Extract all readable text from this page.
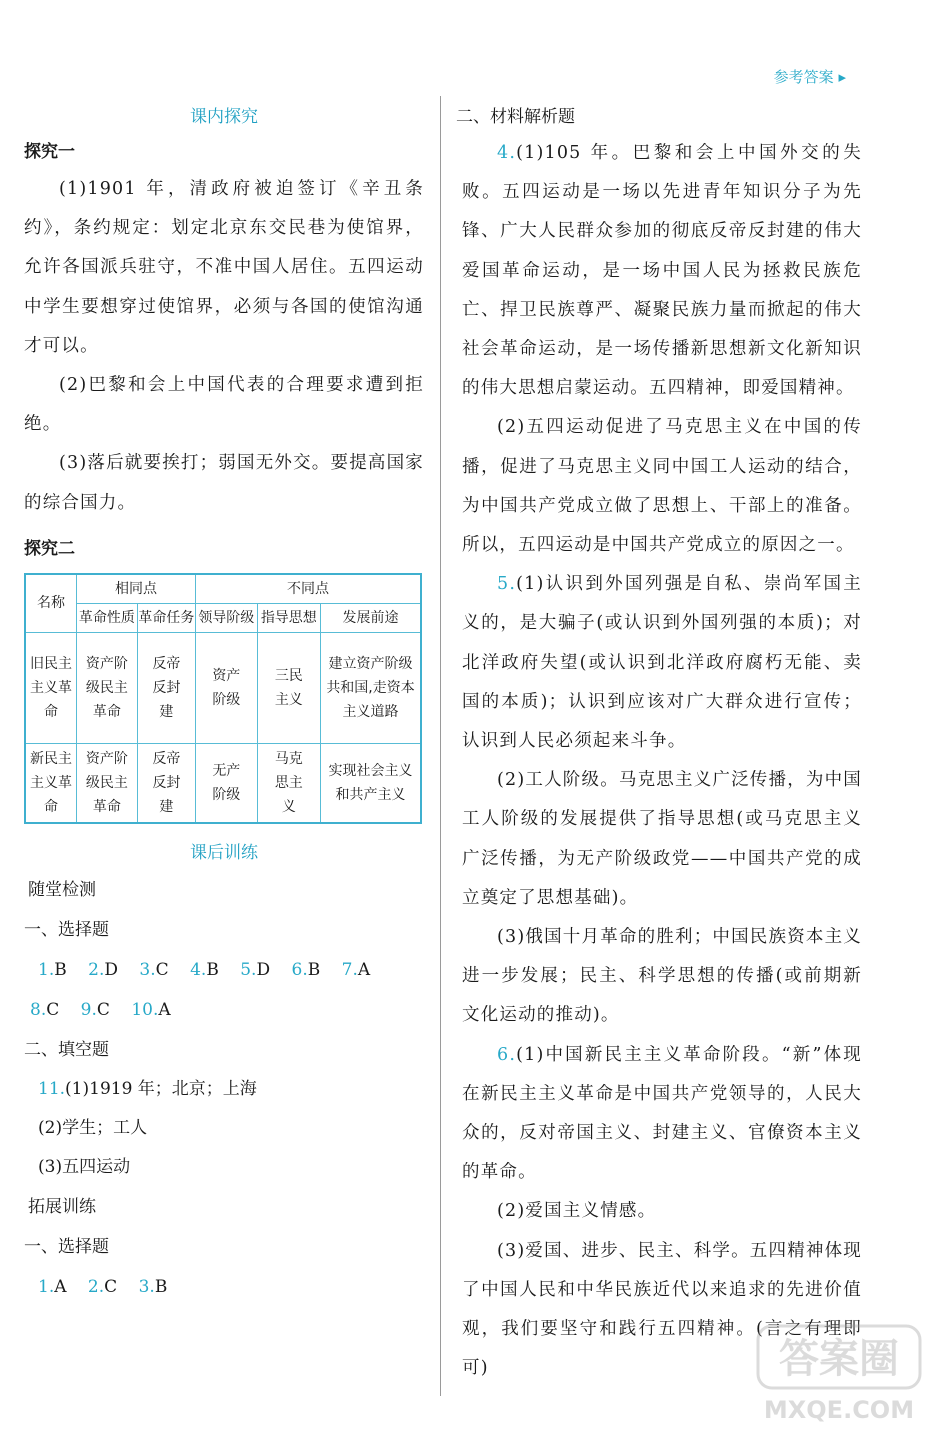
参考答案 ▸
课内探究
探究一

(1)1901 年，清政府被迫签订《辛丑条约》，条约规定：划定北京东交民巷为使馆界，允许各国派兵驻守，不准中国人居住。五四运动中学生要想穿过使馆界，必须与各国的使馆沟通才可以。

(2)巴黎和会上中国代表的合理要求遭到拒绝。

(3)落后就要挨打；弱国无外交。要提高国家的综合国力。

探究二
名称	相同点		不同点		
	革命性质	革命任务	领导阶级	指导思想	发展前途
旧民主主义革命	资产阶级民主革命	反帝反封建	资产阶级	三民主义	建立资产阶级共和国,走资本主义道路
新民主主义革命	资产阶级民主革命	反帝反封建	无产阶级	马克思主义	实现社会主义和共产主义
课后训练
随堂检测
一、选择题
1.B 2.D 3.C 4.B 5.D 6.B 7.A
8.C 9.C 10.A
二、填空题
11.(1)1919 年；北京；上海
(2)学生；工人
(3)五四运动
拓展训练
一、选择题
1.A 2.C 3.B
二、材料解析题

4.(1)105 年。巴黎和会上中国外交的失败。五四运动是一场以先进青年知识分子为先锋、广大人民群众参加的彻底反帝反封建的伟大爱国革命运动，是一场中国人民为拯救民族危亡、捍卫民族尊严、凝聚民族力量而掀起的伟大社会革命运动，是一场传播新思想新文化新知识的伟大思想启蒙运动。五四精神，即爱国精神。

(2)五四运动促进了马克思主义在中国的传播，促进了马克思主义同中国工人运动的结合，为中国共产党成立做了思想上、干部上的准备。所以，五四运动是中国共产党成立的原因之一。

5.(1)认识到外国列强是自私、崇尚军国主义的，是大骗子(或认识到外国列强的本质)；对北洋政府失望(或认识到北洋政府腐朽无能、卖国的本质)；认识到应该对广大群众进行宣传；认识到人民必须起来斗争。

(2)工人阶级。马克思主义广泛传播，为中国工人阶级的发展提供了指导思想(或马克思主义广泛传播，为无产阶级政党——中国共产党的成立奠定了思想基础)。

(3)俄国十月革命的胜利；中国民族资本主义进一步发展；民主、科学思想的传播(或前期新文化运动的推动)。

6.(1)中国新民主主义革命阶段。“新”体现在新民主主义革命是中国共产党领导的，人民大众的，反对帝国主义、封建主义、官僚资本主义的革命。

(2)爱国主义情感。

(3)爱国、进步、民主、科学。五四精神体现了中国人民和中华民族近代以来追求的先进价值观，我们要坚守和践行五四精神。(言之有理即可)	答案圈
MXQE.COM
